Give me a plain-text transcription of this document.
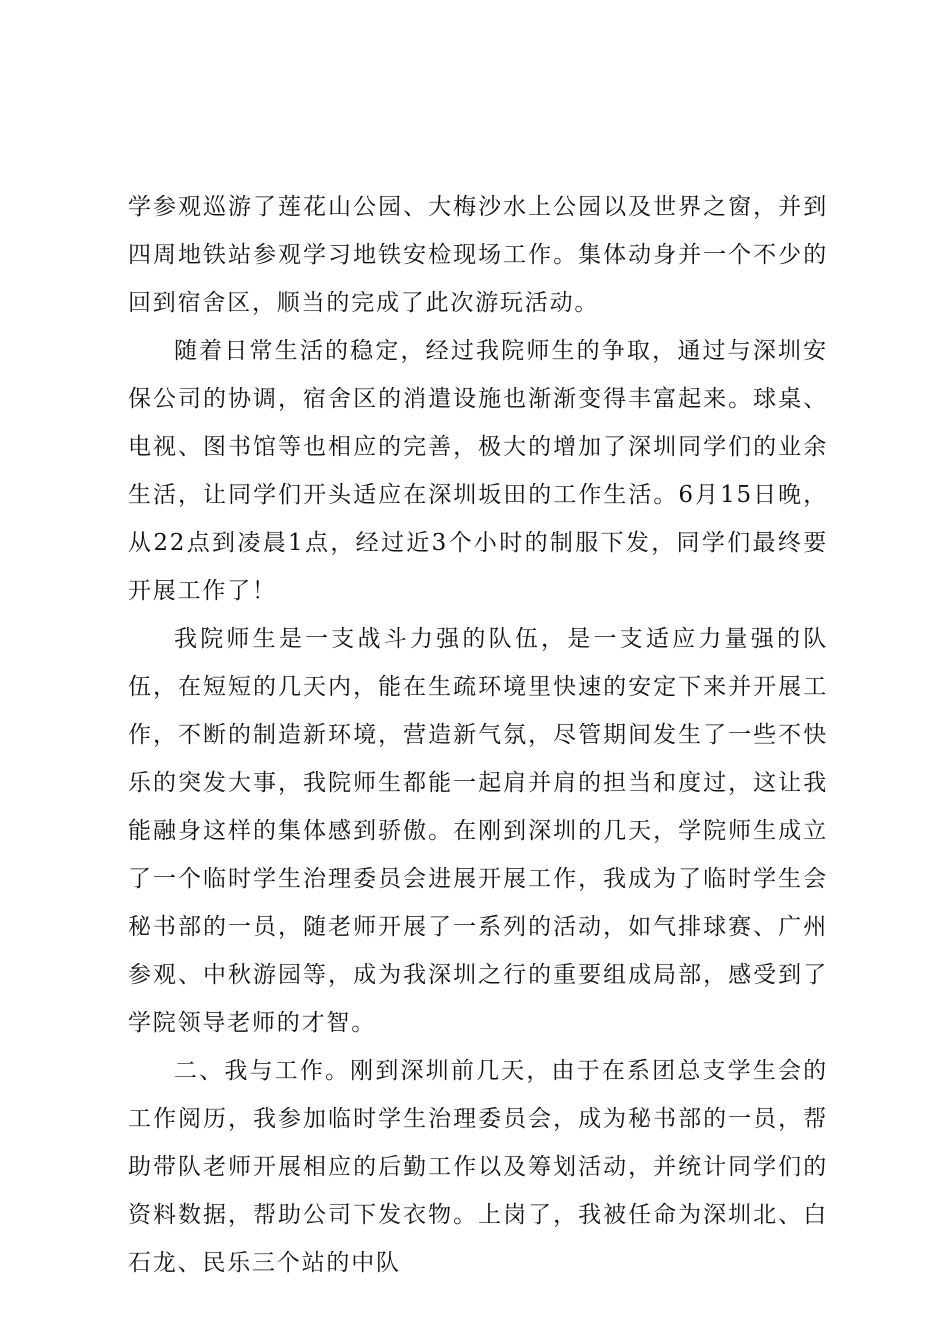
学参观巡游了莲花山公园、大梅沙水上公园以及世界之窗，并到四周地铁站参观学习地铁安检现场工作。集体动身并一个不少的回到宿舍区，顺当的完成了此次游玩活动。

随着日常生活的稳定，经过我院师生的争取，通过与深圳安保公司的协调，宿舍区的消遣设施也渐渐变得丰富起来。球桌、电视、图书馆等也相应的完善，极大的增加了深圳同学们的业余生活，让同学们开头适应在深圳坂田的工作生活。6月15日晚，从22点到凌晨1点，经过近3个小时的制服下发，同学们最终要开展工作了！

我院师生是一支战斗力强的队伍，是一支适应力量强的队伍，在短短的几天内，能在生疏环境里快速的安定下来并开展工作，不断的制造新环境，营造新气氛，尽管期间发生了一些不快乐的突发大事，我院师生都能一起肩并肩的担当和度过，这让我能融身这样的集体感到骄傲。在刚到深圳的几天，学院师生成立了一个临时学生治理委员会进展开展工作，我成为了临时学生会秘书部的一员，随老师开展了一系列的活动，如气排球赛、广州参观、中秋游园等，成为我深圳之行的重要组成局部，感受到了学院领导老师的才智。

二、我与工作。刚到深圳前几天，由于在系团总支学生会的工作阅历，我参加临时学生治理委员会，成为秘书部的一员，帮助带队老师开展相应的后勤工作以及筹划活动，并统计同学们的资料数据，帮助公司下发衣物。上岗了，我被任命为深圳北、白石龙、民乐三个站的中队
